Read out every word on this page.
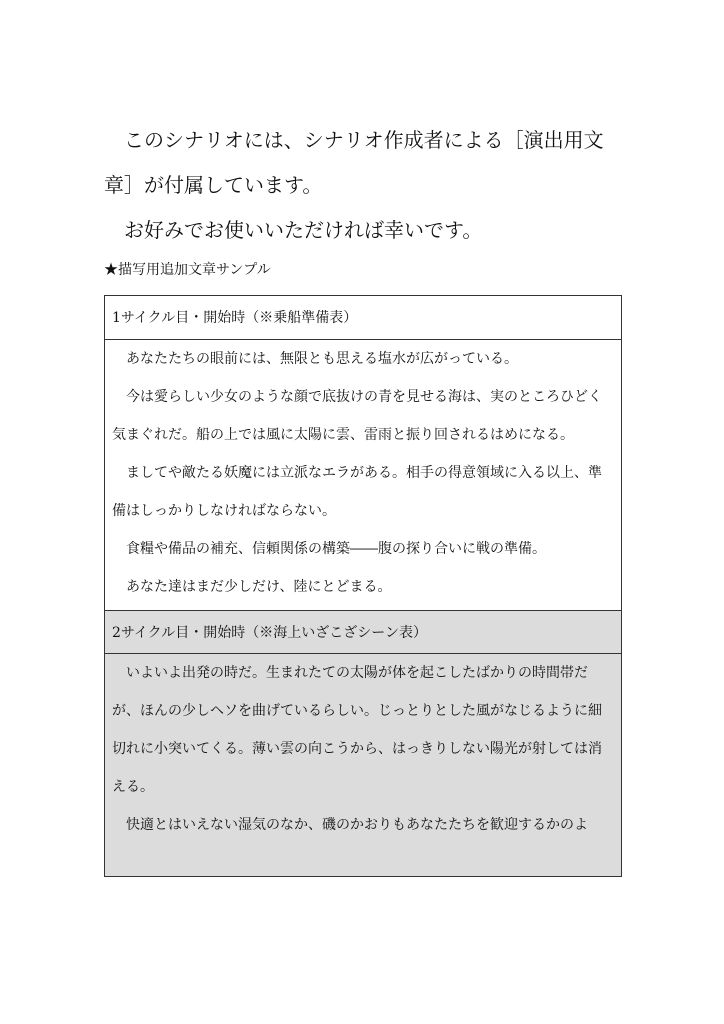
このシナリオには、シナリオ作成者による［演出用文章］が付属しています。

お好みでお使いいただければ幸いです。

★描写用追加文章サンプル
1サイクル目・開始時（※乗船準備表）

あなたたちの眼前には、無限とも思える塩水が広がっている。

今は愛らしい少女のような顔で底抜けの青を見せる海は、実のところひどく気まぐれだ。船の上では風に太陽に雲、雷雨と振り回されるはめになる。

ましてや敵たる妖魔には立派なエラがある。相手の得意領域に入る以上、準備はしっかりしなければならない。

食糧や備品の補充、信頼関係の構築――腹の探り合いに戦の準備。

あなた達はまだ少しだけ、陸にとどまる。

2サイクル目・開始時（※海上いざこざシーン表）

いよいよ出発の時だ。生まれたての太陽が体を起こしたばかりの時間帯だが、ほんの少しヘソを曲げているらしい。じっとりとした風がなじるように細切れに小突いてくる。薄い雲の向こうから、はっきりしない陽光が射しては消える。

快適とはいえない湿気のなか、磯のかおりもあなたたちを歓迎するかのよ
